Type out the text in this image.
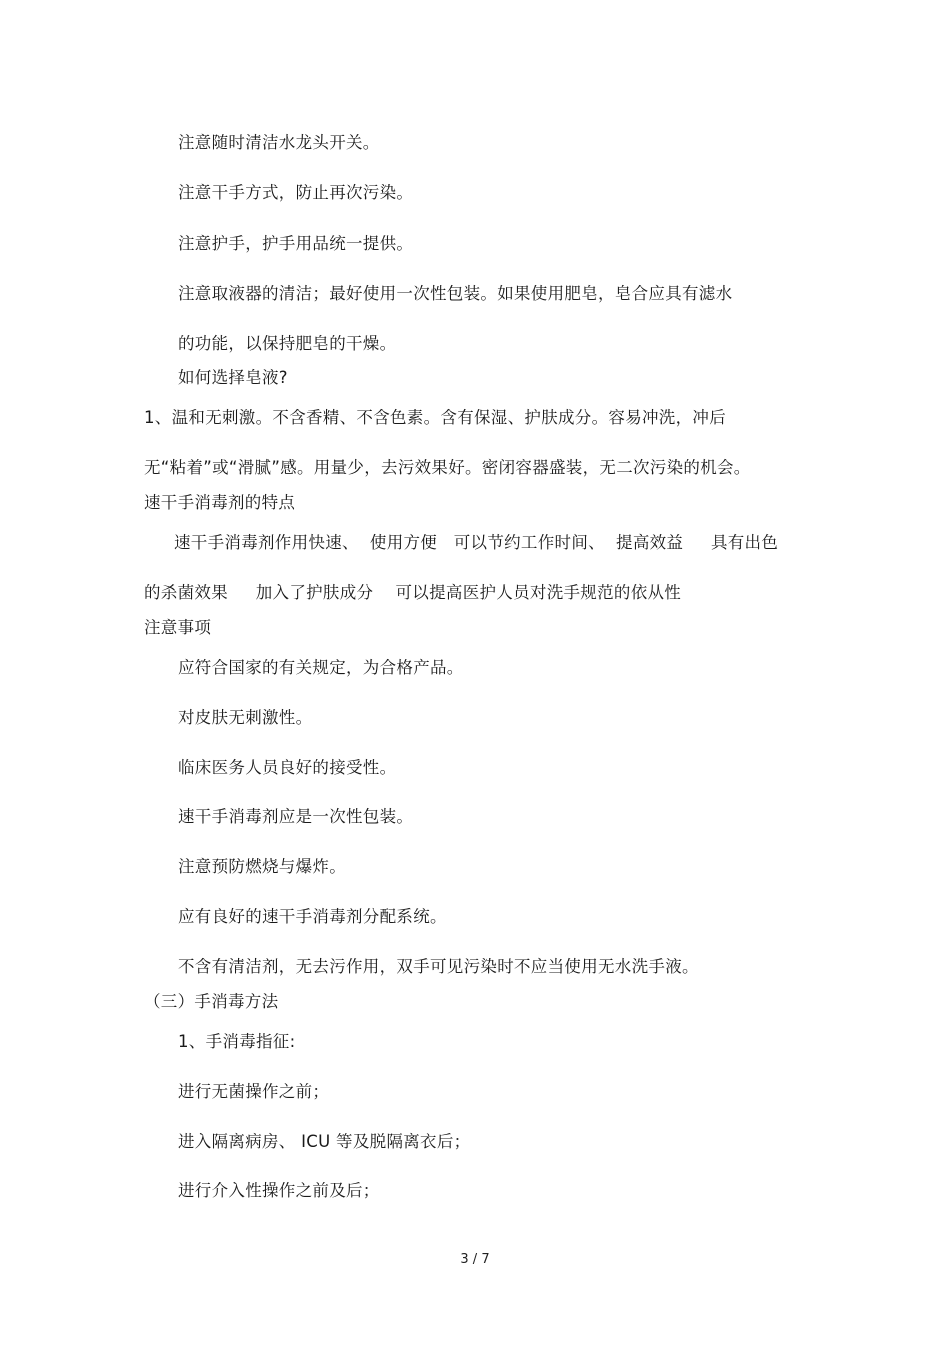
注意随时清洁水龙头开关。
注意干手方式，防止再次污染。
注意护手，护手用品统一提供。
注意取液器的清洁；最好使用一次性包装。如果使用肥皂，皂合应具有滤水
的功能，以保持肥皂的干燥。
如何选择皂液?
1、温和无刺激。不含香精、不含色素。含有保湿、护肤成分。容易冲洗，冲后
无“粘着”或“滑腻”感。用量少，去污效果好。密闭容器盛装，无二次污染的机会。
速干手消毒剂的特点
速干手消毒剂作用快速、  使用方便   可以节约工作时间、  提高效益     具有出色
的杀菌效果     加入了护肤成分    可以提高医护人员对洗手规范的依从性
注意事项
应符合国家的有关规定，为合格产品。
对皮肤无刺激性。
临床医务人员良好的接受性。
速干手消毒剂应是一次性包装。
注意预防燃烧与爆炸。
应有良好的速干手消毒剂分配系统。
不含有清洁剂，无去污作用，双手可见污染时不应当使用无水洗手液。
（三）手消毒方法
1、手消毒指征:
进行无菌操作之前；
进入隔离病房、 ICU 等及脱隔离衣后；
进行介入性操作之前及后；
3 / 7
